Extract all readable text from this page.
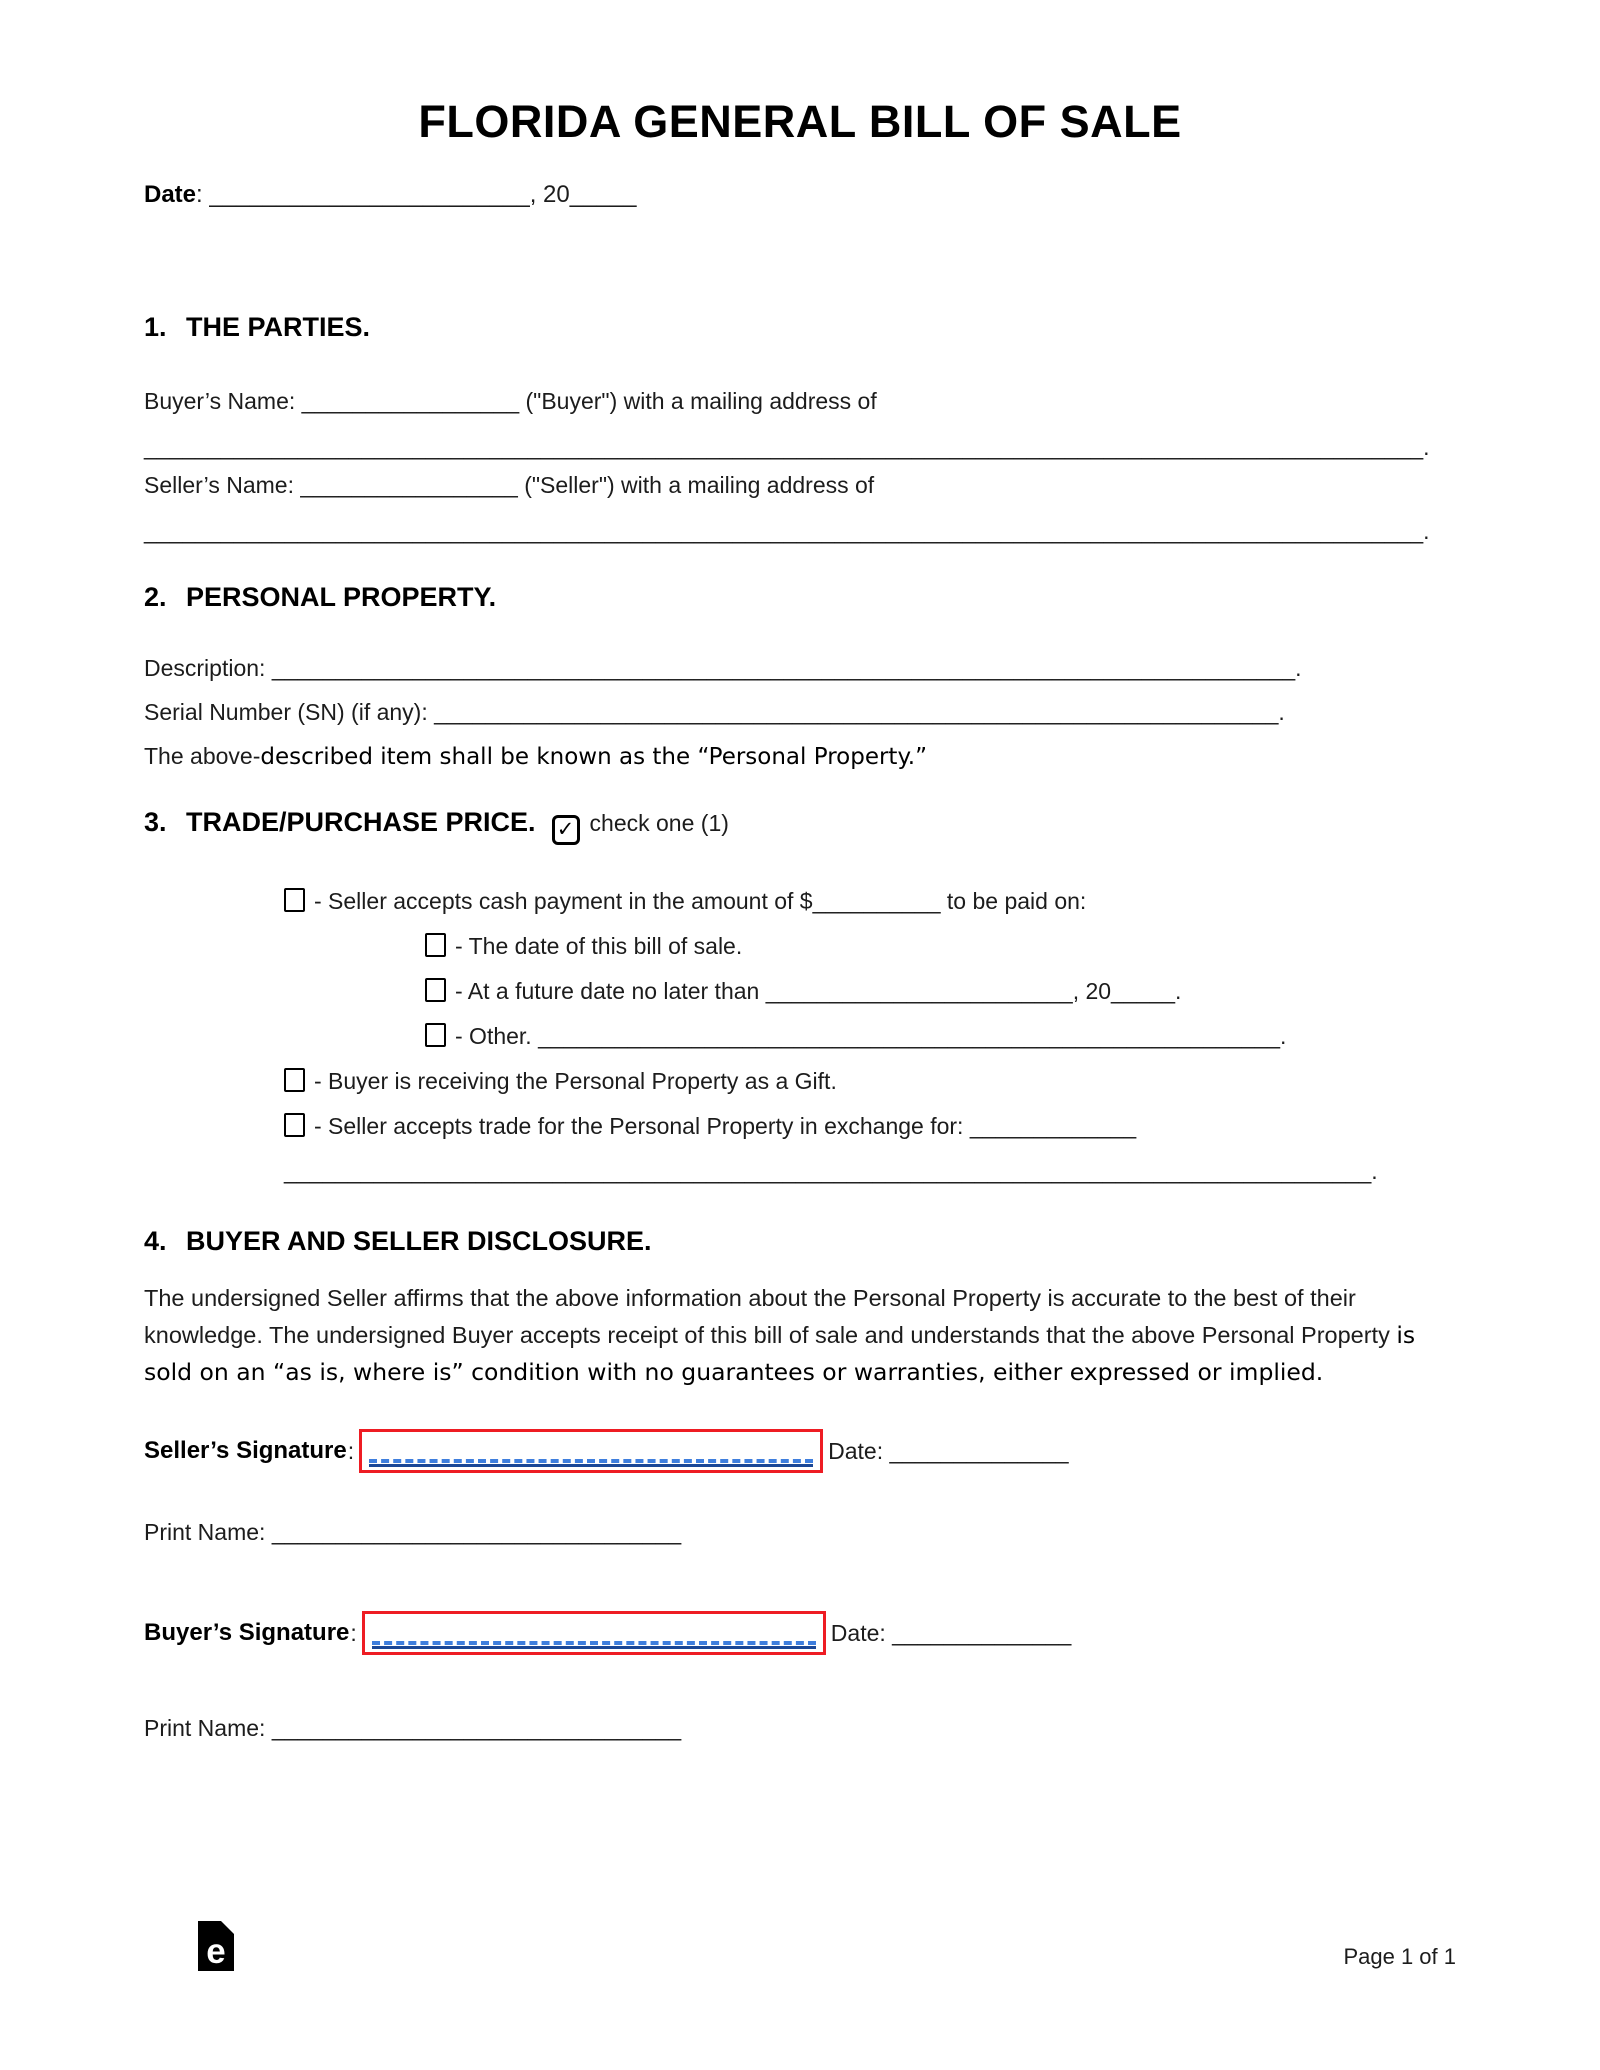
FLORIDA GENERAL BILL OF SALE
Date: ________________________, 20_____
1. THE PARTIES.
Buyer’s Name: _________________ ("Buyer") with a mailing address of
____________________________________________________________________________________________________.
Seller’s Name: _________________ ("Seller") with a mailing address of
____________________________________________________________________________________________________.
2. PERSONAL PROPERTY.
Description: ________________________________________________________________________________.
Serial Number (SN) (if any): __________________________________________________________________.
The above-described item shall be known as the “Personal Property.”
3. TRADE/PURCHASE PRICE. ✓ check one (1)
- Seller accepts cash payment in the amount of $__________ to be paid on:
- The date of this bill of sale.
- At a future date no later than ________________________, 20_____.
- Other. __________________________________________________________.
- Buyer is receiving the Personal Property as a Gift.
- Seller accepts trade for the Personal Property in exchange for: _____________
_____________________________________________________________________________________.
4. BUYER AND SELLER DISCLOSURE.

The undersigned Seller affirms that the above information about the Personal Property is accurate to the best of their knowledge. The undersigned Buyer accepts receipt of this bill of sale and understands that the above Personal Property is sold on an “as is, where is” condition with no guarantees or warranties, either expressed or implied.

Seller’s Signature :	Date: ______________
Print Name: ________________________________
Buyer’s Signature :	Date: ______________
Print Name: ________________________________
e	Page 1 of 1
